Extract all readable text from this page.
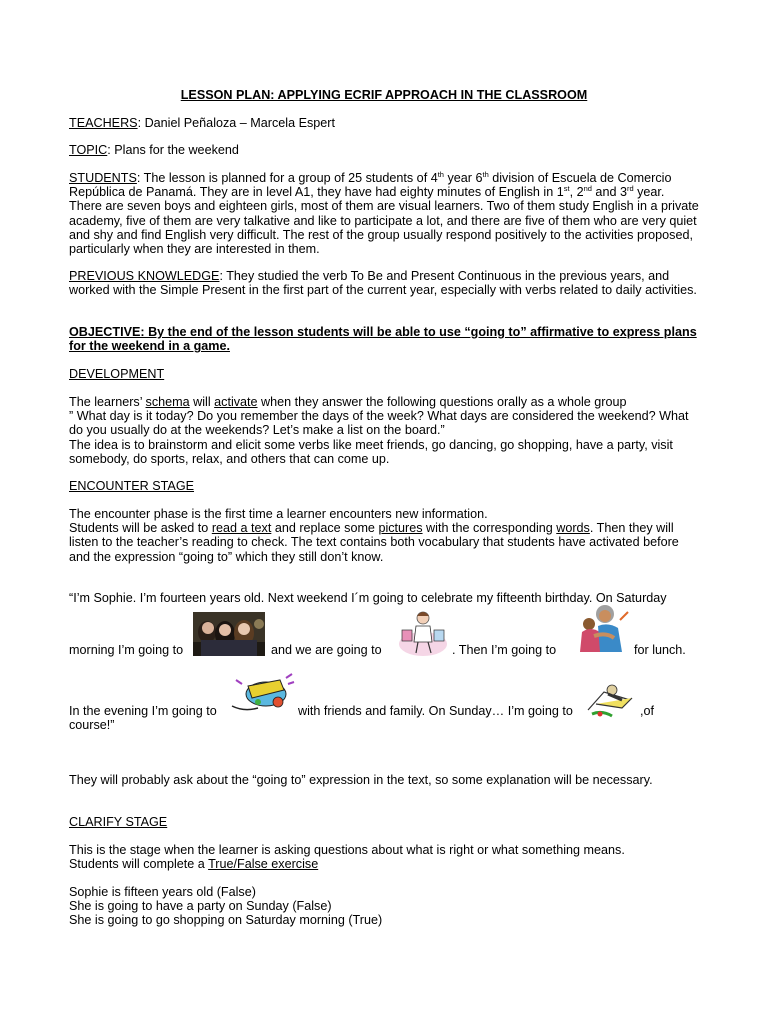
LESSON PLAN: APPLYING ECRIF APPROACH IN THE CLASSROOM

TEACHERS: Daniel Peñaloza – Marcela Espert

TOPIC: Plans for the weekend

STUDENTS: The lesson is planned for a group of 25 students of 4th year 6th division of Escuela de Comercio
República de Panamá. They are in level A1, they have had eighty minutes of English in 1st, 2nd and 3rd year.
There are seven boys and eighteen girls, most of them are visual learners. Two of them study English in a private academy, five of them are very talkative and like to participate a lot, and there are five of them who are very quiet and shy and find English very difficult. The rest of the group usually respond positively to the activities proposed, particularly when they are interested in them.

PREVIOUS KNOWLEDGE: They studied the verb To Be and Present Continuous in the previous years, and worked with the Simple Present in the first part of the current year, especially with verbs related to daily activities.

OBJECTIVE: By the end of the lesson students will be able to use “going to” affirmative to express plans for the weekend in a game.

DEVELOPMENT

The learners’ schema will activate when they answer the following questions orally as a whole group
” What day is it today? Do you remember the days of the week? What days are considered the weekend? What do you usually do at the weekends? Let’s make a list on the board.”
The idea is to brainstorm and elicit some verbs like meet friends, go dancing, go shopping, have a party, visit somebody, do sports, relax, and others that can come up.

ENCOUNTER STAGE

The encounter phase is the first time a learner encounters new information.
Students will be asked to read a text and replace some pictures with the corresponding words. Then they will listen to the teacher’s reading to check. The text contains both vocabulary that students have activated before and the expression “going to” which they still don’t know.

“I’m Sophie. I’m fourteen years old. Next weekend I´m going to celebrate my fifteenth birthday. On Saturday

morning I’m going to	and we are going to	. Then I’m going to	for lunch.
In the evening I’m going to	with friends and family. On Sunday… I’m going to	,of
course!”

They will probably ask about the “going to” expression in the text, so some explanation will be necessary.

CLARIFY STAGE

This is the stage when the learner is asking questions about what is right or what something means.
Students will complete a True/False exercise
Sophie is fifteen years old (False)
She is going to have a party on Sunday (False)
She is going to go shopping on Saturday morning (True)
